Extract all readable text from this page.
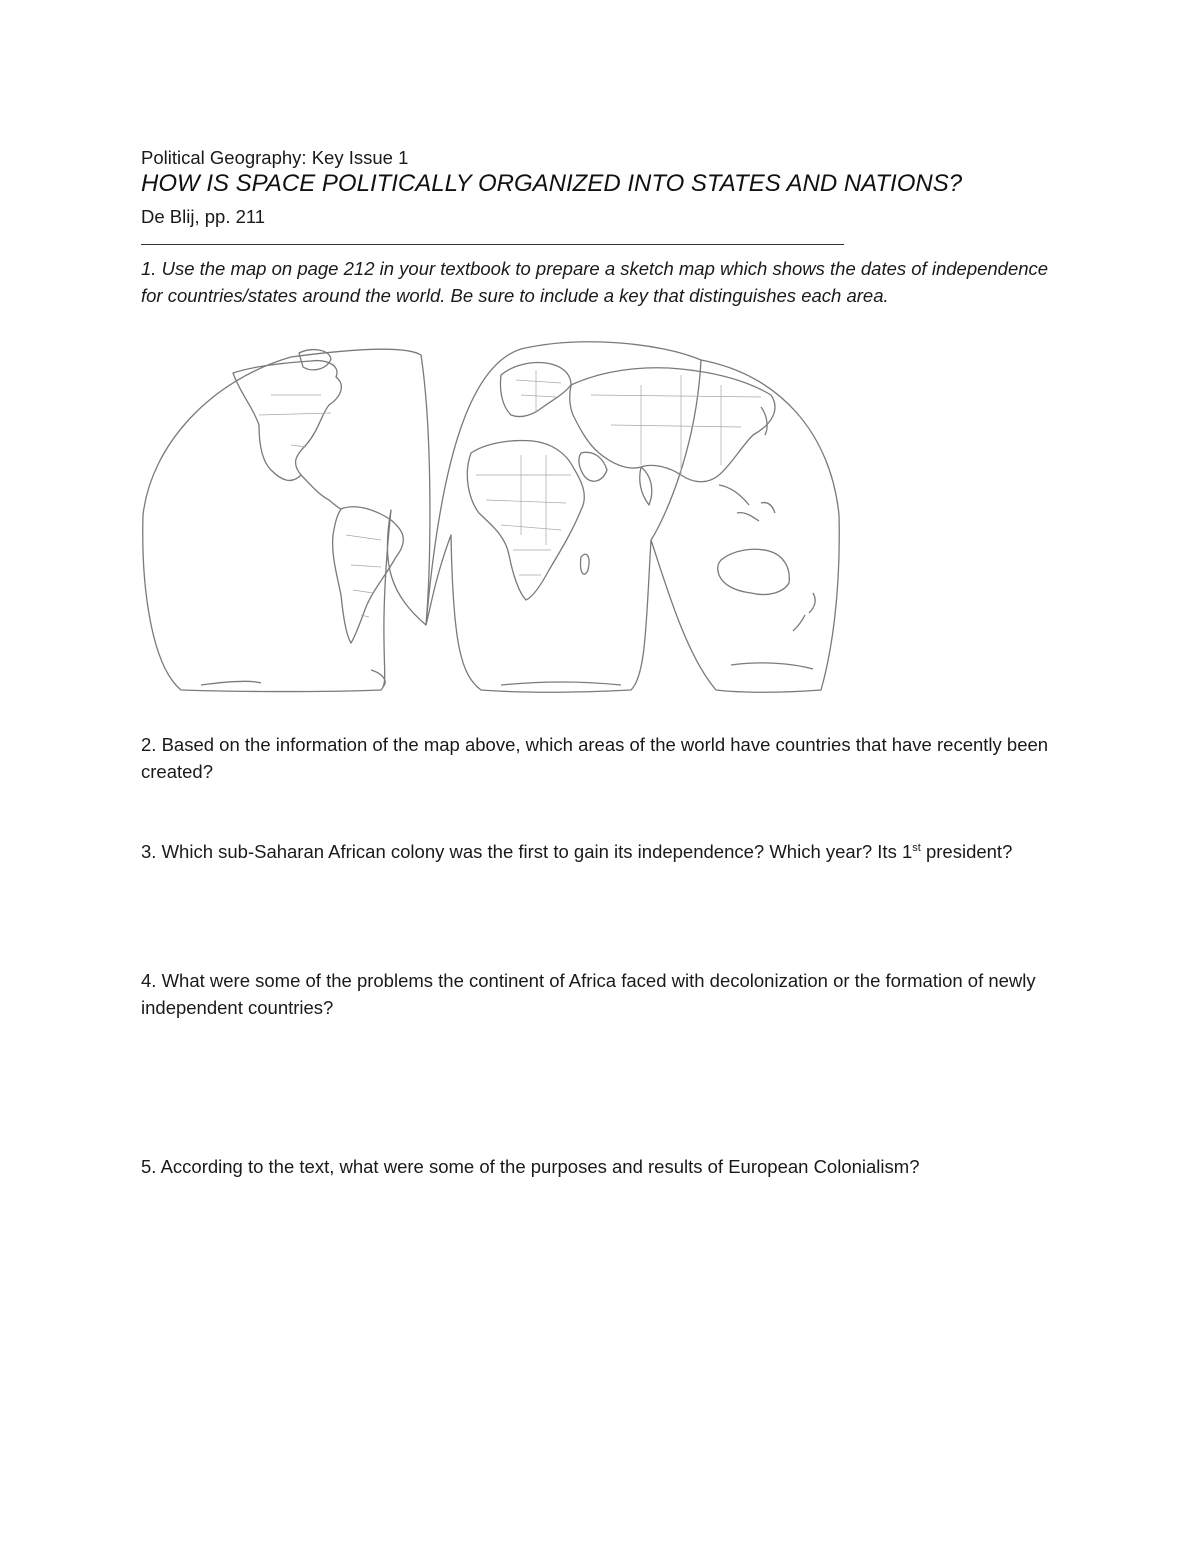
Political Geography: Key Issue 1

HOW IS SPACE POLITICALLY ORGANIZED INTO STATES AND NATIONS?

De Blij, pp. 211

1. Use the map on page 212 in your textbook to prepare a sketch map which shows the dates of independence for countries/states around the world. Be sure to include a key that distinguishes each area.

2. Based on the information of the map above, which areas of the world have countries that have recently been created?

3. Which sub-Saharan African colony was the first to gain its independence? Which year? Its 1st president?

4. What were some of the problems the continent of Africa faced with decolonization or the formation of newly independent countries?

5. According to the text, what were some of the purposes and results of European Colonialism?
